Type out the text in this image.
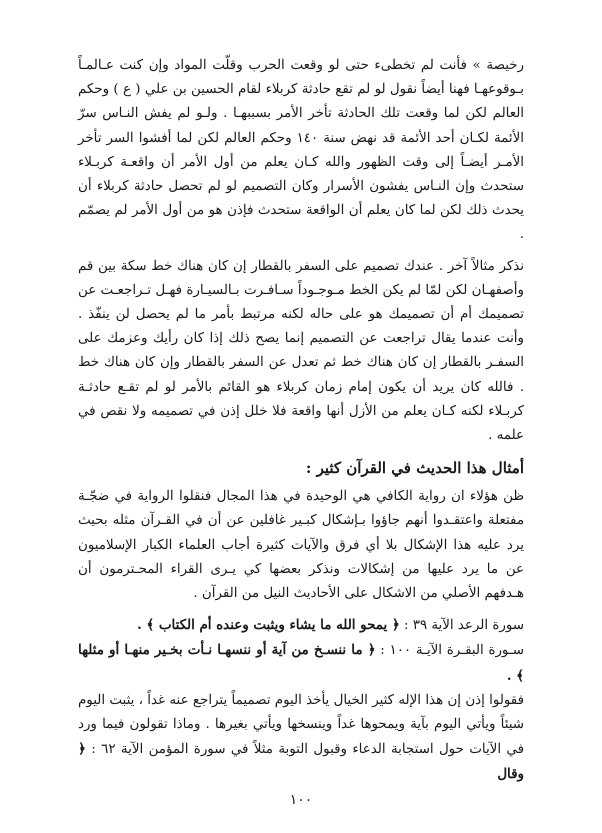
رخيصة » فأنت لم تخطىء حتى لو وقعت الحرب وقلّت المواد وإن كنت عـالمـاً بـوقوعهـا فهنا أيضاً نقول لو لم تقع حادثة كربلاء لقام الحسين بن علي ( ع ) وحكم العالم لكن لما وقعت تلك الحادثة تأخر الأمر بسببهـا . ولـو لم يفش النـاس سرّ الأئمة لكـان أحد الأئمة قد نهض سنة ١٤٠ وحكم العالم لكن لما أفشوا السر تأخر الأمـر أيضـاً إلى وقت الظهور والله كـان يعلم من أول الأمر أن واقعـة كربـلاء ستحدث وإن النـاس يفشون الأسرار وكان التصميم لو لم تحصل حادثة كربلاء أن يحدث ذلك لكن لما كان يعلم أن الواقعة ستحدث فإذن هو من أول الأمر لم يصمّم .

نذكر مثالاً آخر . عندك تصميم على السفر بالقطار إن كان هناك خط سكة بين قم وأصفهـان لكن لمّا لم يكن الخط مـوجـوداً سـافـرت بـالسيـارة فهـل تـراجعـت عن تصميمك أم أن تصميمك هو على حاله لكنه مرتبط بأمر ما لم يحصل لن ينفّذ . وأنت عندما يقال تراجعت عن التصميم إنما يصح ذلك إذا كان رأيك وعزمك على السفـر بالقطار إن كان هناك خط ثم تعدل عن السفر بالقطار وإن كان هناك خط . فالله كان يريد أن يكون إمام زمان كربلاء هو القائم بالأمر لو لم تقـع حادثـة كربـلاء لكنه كـان يعلم من الأزل أنها واقعة فلا خلل إذن في تصميمه ولا نقص في علمه .

أمثال هذا الحديث في القرآن كثير :

ظن هؤلاء ان رواية الكافي هي الوحيدة في هذا المجال فنقلوا الرواية في ضجّـة مفتعلة واعتقـدوا أنهم جاؤوا بـإشكال كبـير غافلين عن أن في القـرآن مثله بحيث يرد عليه هذا الإشكال بلا أي فرق والآيات كثيرة أجاب العلماء الكبار الإسلاميون عن ما يرد عليها من إشكالات ونذكر بعضها كي يـرى القراء المحـترمون أن هـدفهم الأصلي من الاشكال على الأحاديث النيل من القرآن .

سورة الرعد الآية ٣٩ : ﴿ يمحو الله ما يشاء ويثبت وعنده أم الكتاب ﴾ .

سـورة البقـرة الآيـة ١٠٠ : ﴿ ما ننسـخ من آية أو ننسهـا نـأت بخـير منهـا أو مثلها ﴾ .

فقولوا إذن إن هذا الإله كثير الخيال يأخذ اليوم تصميماً يتراجع عنه غداً ، يثبت اليوم شيئاً ويأتي اليوم بآية ويمحوها غداً وينسخها ويأتي بغيرها . وماذا تقولون فيما ورد في الآيات حول استجابة الدعاء وقبول التوبة مثلاً في سورة المؤمن الآية ٦٢ : ﴿ وقال

١٠٠
